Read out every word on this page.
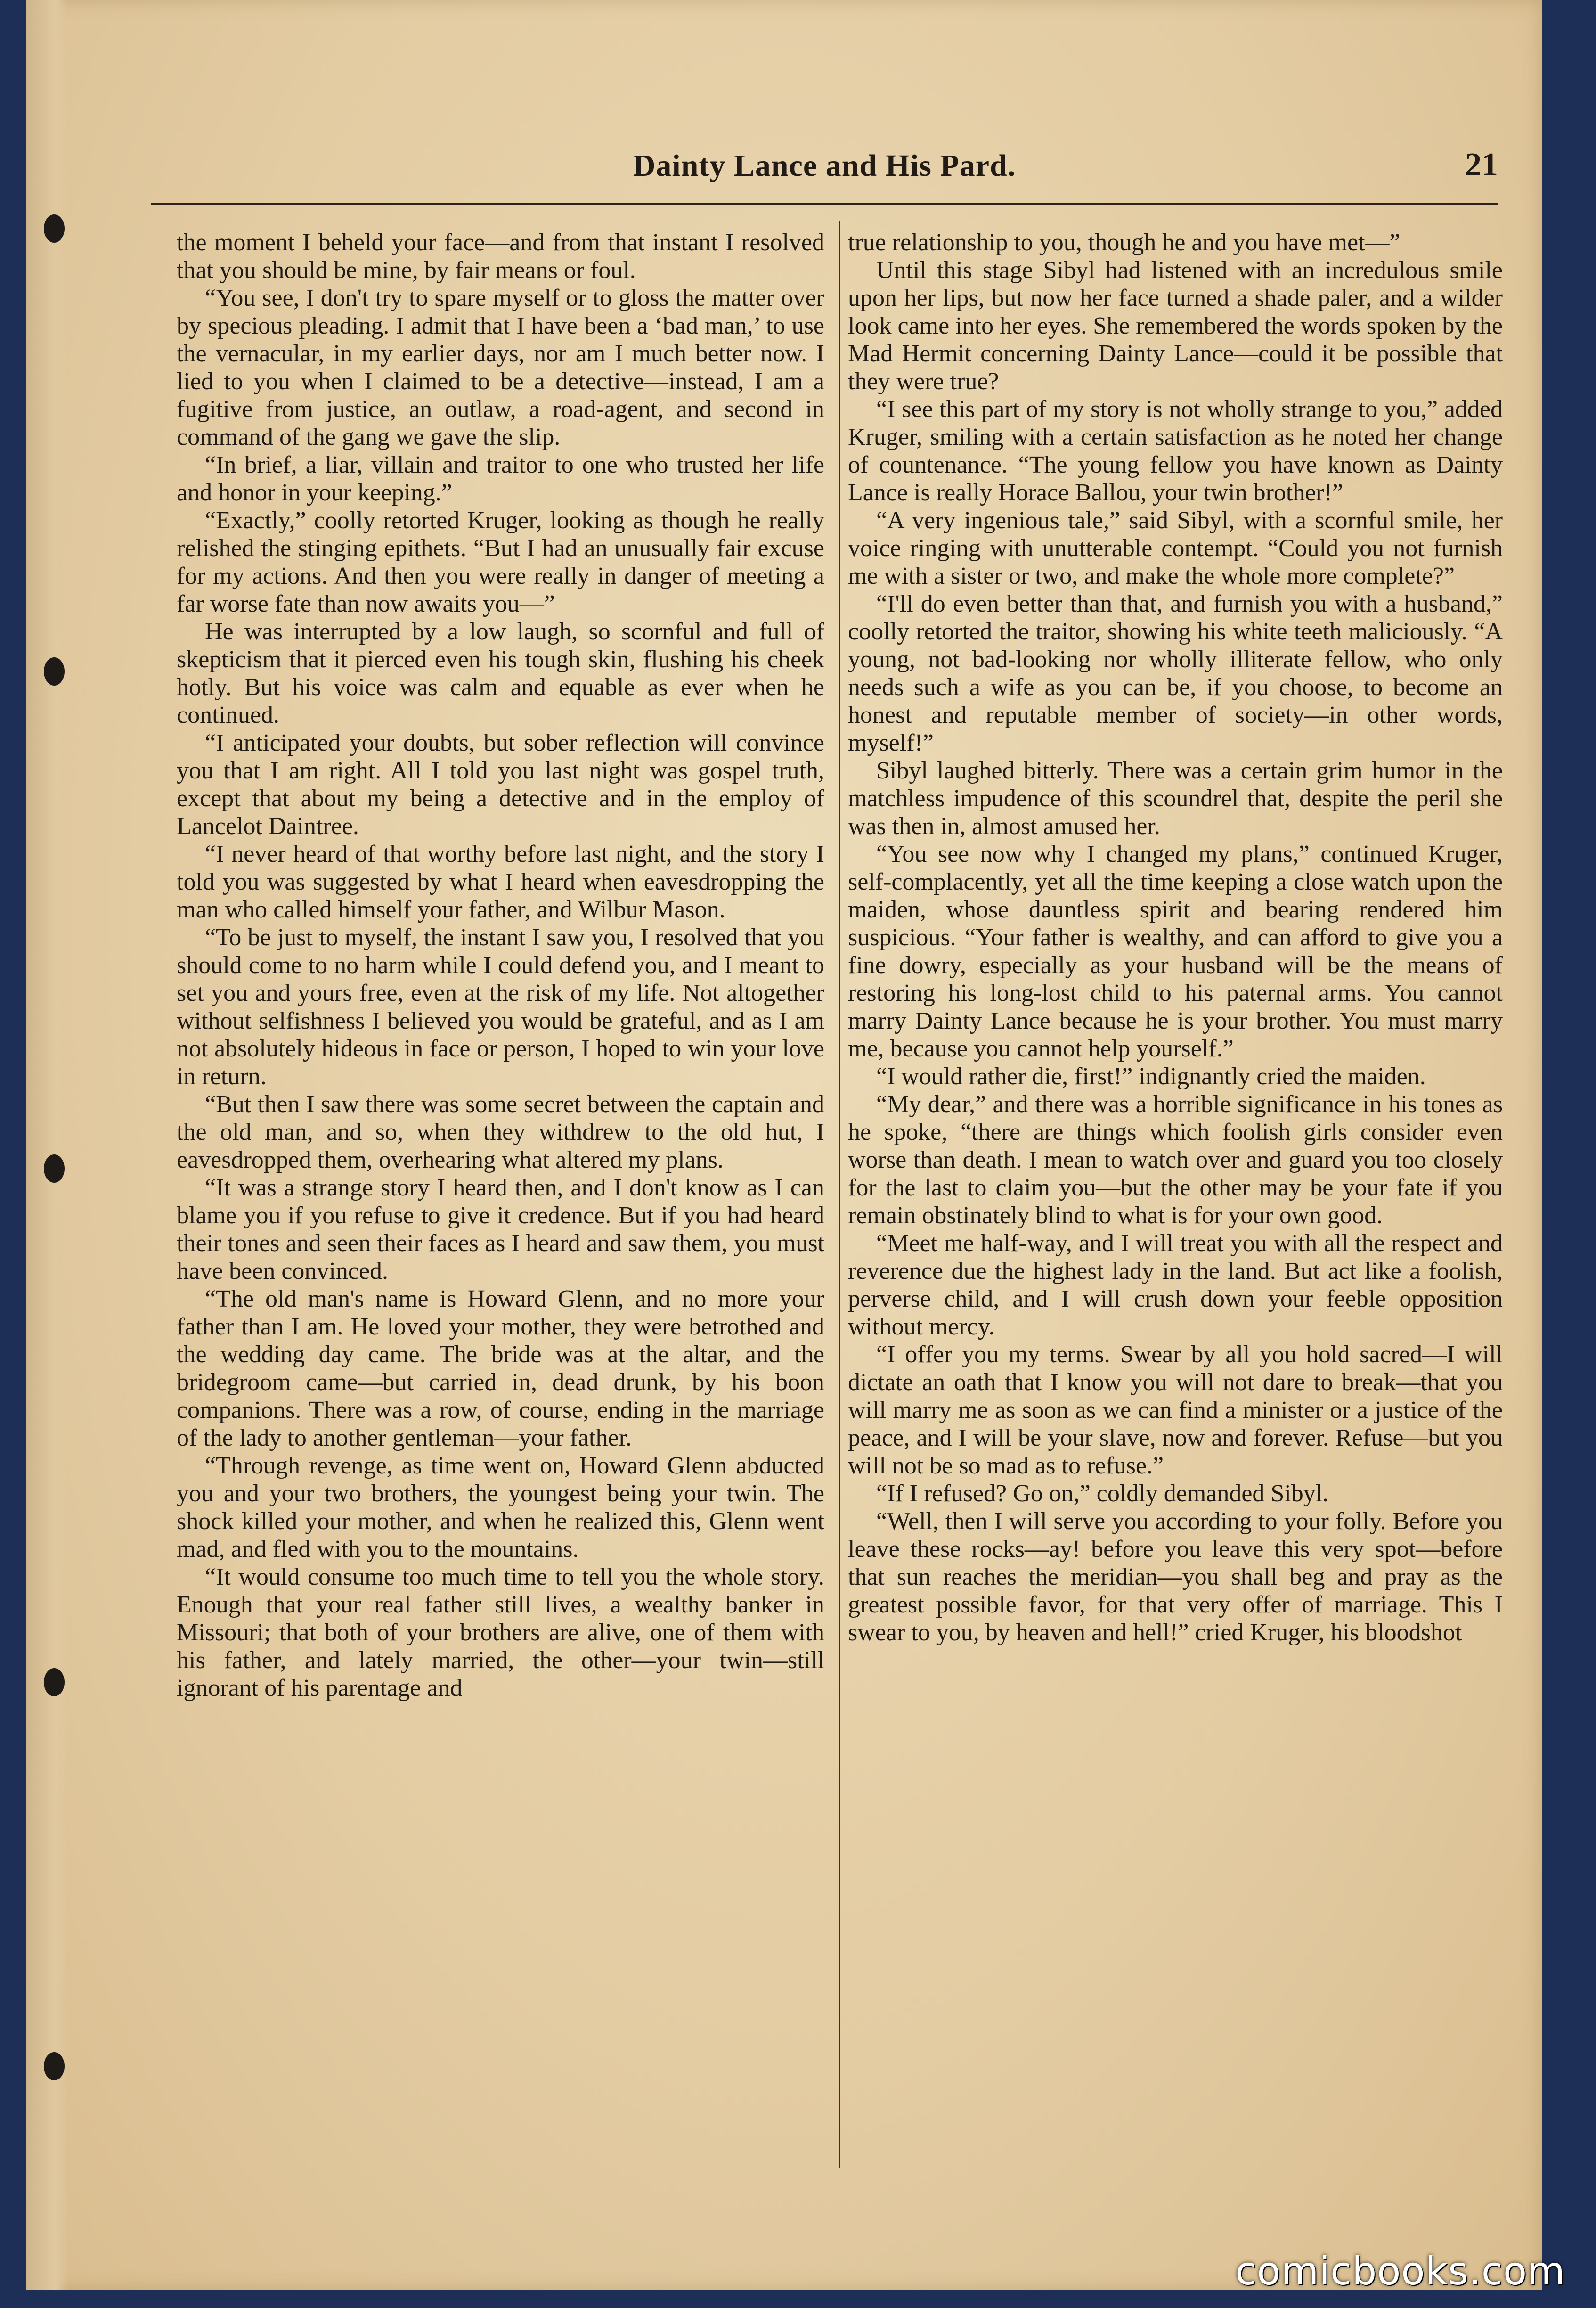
Dainty Lance and His Pard.	21

the moment I beheld your face—and from that instant I resolved that you should be mine, by fair means or foul.

“You see, I don't try to spare myself or to gloss the matter over by specious pleading. I admit that I have been a ‘bad man,’ to use the vernacular, in my earlier days, nor am I much better now. I lied to you when I claimed to be a detective—instead, I am a fugitive from justice, an outlaw, a road-agent, and second in command of the gang we gave the slip.

“In brief, a liar, villain and traitor to one who trusted her life and honor in your keeping.”

“Exactly,” coolly retorted Kruger, looking as though he really relished the stinging epithets. “But I had an unusually fair excuse for my actions. And then you were really in danger of meeting a far worse fate than now awaits you—”

He was interrupted by a low laugh, so scornful and full of skepticism that it pierced even his tough skin, flushing his cheek hotly. But his voice was calm and equable as ever when he continued.

“I anticipated your doubts, but sober reflection will convince you that I am right. All I told you last night was gospel truth, except that about my being a detective and in the employ of Lancelot Daintree.

“I never heard of that worthy before last night, and the story I told you was suggested by what I heard when eavesdropping the man who called himself your father, and Wilbur Mason.

“To be just to myself, the instant I saw you, I resolved that you should come to no harm while I could defend you, and I meant to set you and yours free, even at the risk of my life. Not altogether without selfishness I believed you would be grateful, and as I am not absolutely hideous in face or person, I hoped to win your love in return.

“But then I saw there was some secret between the captain and the old man, and so, when they withdrew to the old hut, I eavesdropped them, overhearing what altered my plans.

“It was a strange story I heard then, and I don't know as I can blame you if you refuse to give it credence. But if you had heard their tones and seen their faces as I heard and saw them, you must have been convinced.

“The old man's name is Howard Glenn, and no more your father than I am. He loved your mother, they were betrothed and the wedding day came. The bride was at the altar, and the bridegroom came—but carried in, dead drunk, by his boon companions. There was a row, of course, ending in the marriage of the lady to another gentleman—your father.

“Through revenge, as time went on, Howard Glenn abducted you and your two brothers, the youngest being your twin. The shock killed your mother, and when he realized this, Glenn went mad, and fled with you to the mountains.

“It would consume too much time to tell you the whole story. Enough that your real father still lives, a wealthy banker in Missouri; that both of your brothers are alive, one of them with his father, and lately married, the other—your twin—still ignorant of his parentage and

true relationship to you, though he and you have met—”

Until this stage Sibyl had listened with an incredulous smile upon her lips, but now her face turned a shade paler, and a wilder look came into her eyes. She remembered the words spoken by the Mad Hermit concerning Dainty Lance—could it be possible that they were true?

“I see this part of my story is not wholly strange to you,” added Kruger, smiling with a certain satisfaction as he noted her change of countenance. “The young fellow you have known as Dainty Lance is really Horace Ballou, your twin brother!”

“A very ingenious tale,” said Sibyl, with a scornful smile, her voice ringing with unutterable contempt. “Could you not furnish me with a sister or two, and make the whole more complete?”

“I'll do even better than that, and furnish you with a husband,” coolly retorted the traitor, showing his white teeth maliciously. “A young, not bad-looking nor wholly illiterate fellow, who only needs such a wife as you can be, if you choose, to become an honest and reputable member of society—in other words, myself!”

Sibyl laughed bitterly. There was a certain grim humor in the matchless impudence of this scoundrel that, despite the peril she was then in, almost amused her.

“You see now why I changed my plans,” continued Kruger, self-complacently, yet all the time keeping a close watch upon the maiden, whose dauntless spirit and bearing rendered him suspicious. “Your father is wealthy, and can afford to give you a fine dowry, especially as your husband will be the means of restoring his long-lost child to his paternal arms. You cannot marry Dainty Lance because he is your brother. You must marry me, because you cannot help yourself.”

“I would rather die, first!” indignantly cried the maiden.

“My dear,” and there was a horrible significance in his tones as he spoke, “there are things which foolish girls consider even worse than death. I mean to watch over and guard you too closely for the last to claim you—but the other may be your fate if you remain obstinately blind to what is for your own good.

“Meet me half-way, and I will treat you with all the respect and reverence due the highest lady in the land. But act like a foolish, perverse child, and I will crush down your feeble opposition without mercy.

“I offer you my terms. Swear by all you hold sacred—I will dictate an oath that I know you will not dare to break—that you will marry me as soon as we can find a minister or a justice of the peace, and I will be your slave, now and forever. Refuse—but you will not be so mad as to refuse.”

“If I refused? Go on,” coldly demanded Sibyl.

“Well, then I will serve you according to your folly. Before you leave these rocks—ay! before you leave this very spot—before that sun reaches the meridian—you shall beg and pray as the greatest possible favor, for that very offer of marriage. This I swear to you, by heaven and hell!” cried Kruger, his bloodshot

comicbooks.com
